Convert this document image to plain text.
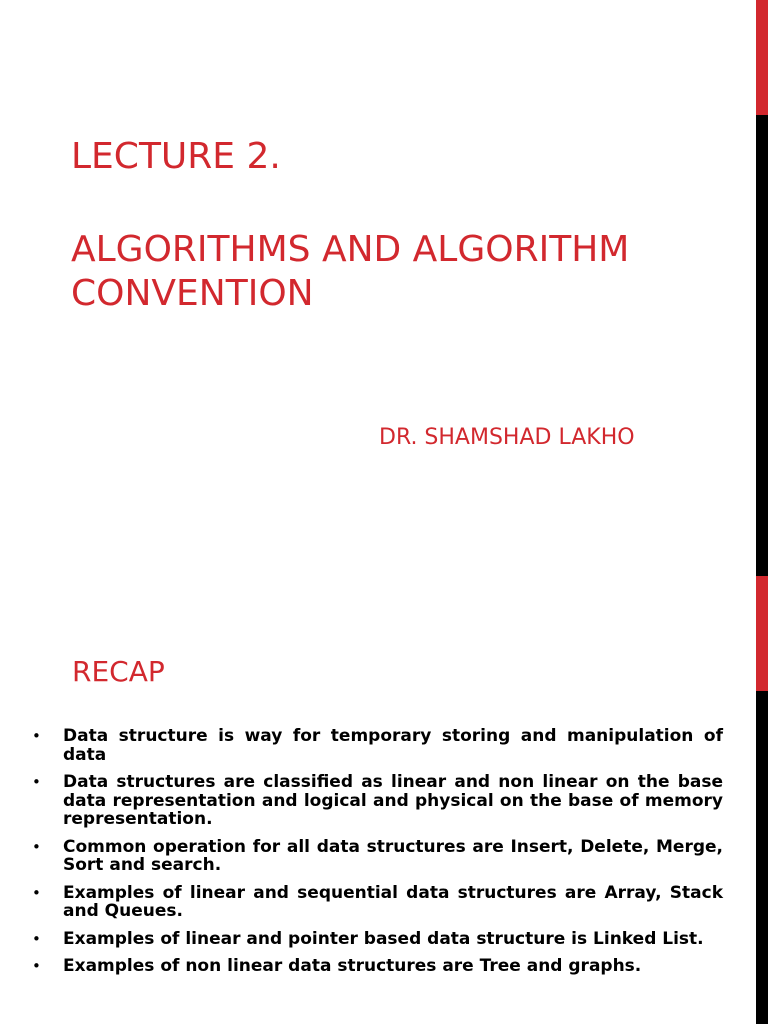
LECTURE 2.
ALGORITHMS AND ALGORITHM CONVENTION

DR. SHAMSHAD LAKHO

RECAP
• Data structure is way for temporary storing and manipulation of data
• Data structures are classified as linear and non linear on the base data representation and logical and physical on the base of memory representation.
• Common operation for all data structures are Insert, Delete, Merge, Sort and search.
• Examples of linear and sequential data structures are Array, Stack and Queues.
• Examples of linear and pointer based data structure is Linked List.
• Examples of non linear data structures are Tree and graphs.
